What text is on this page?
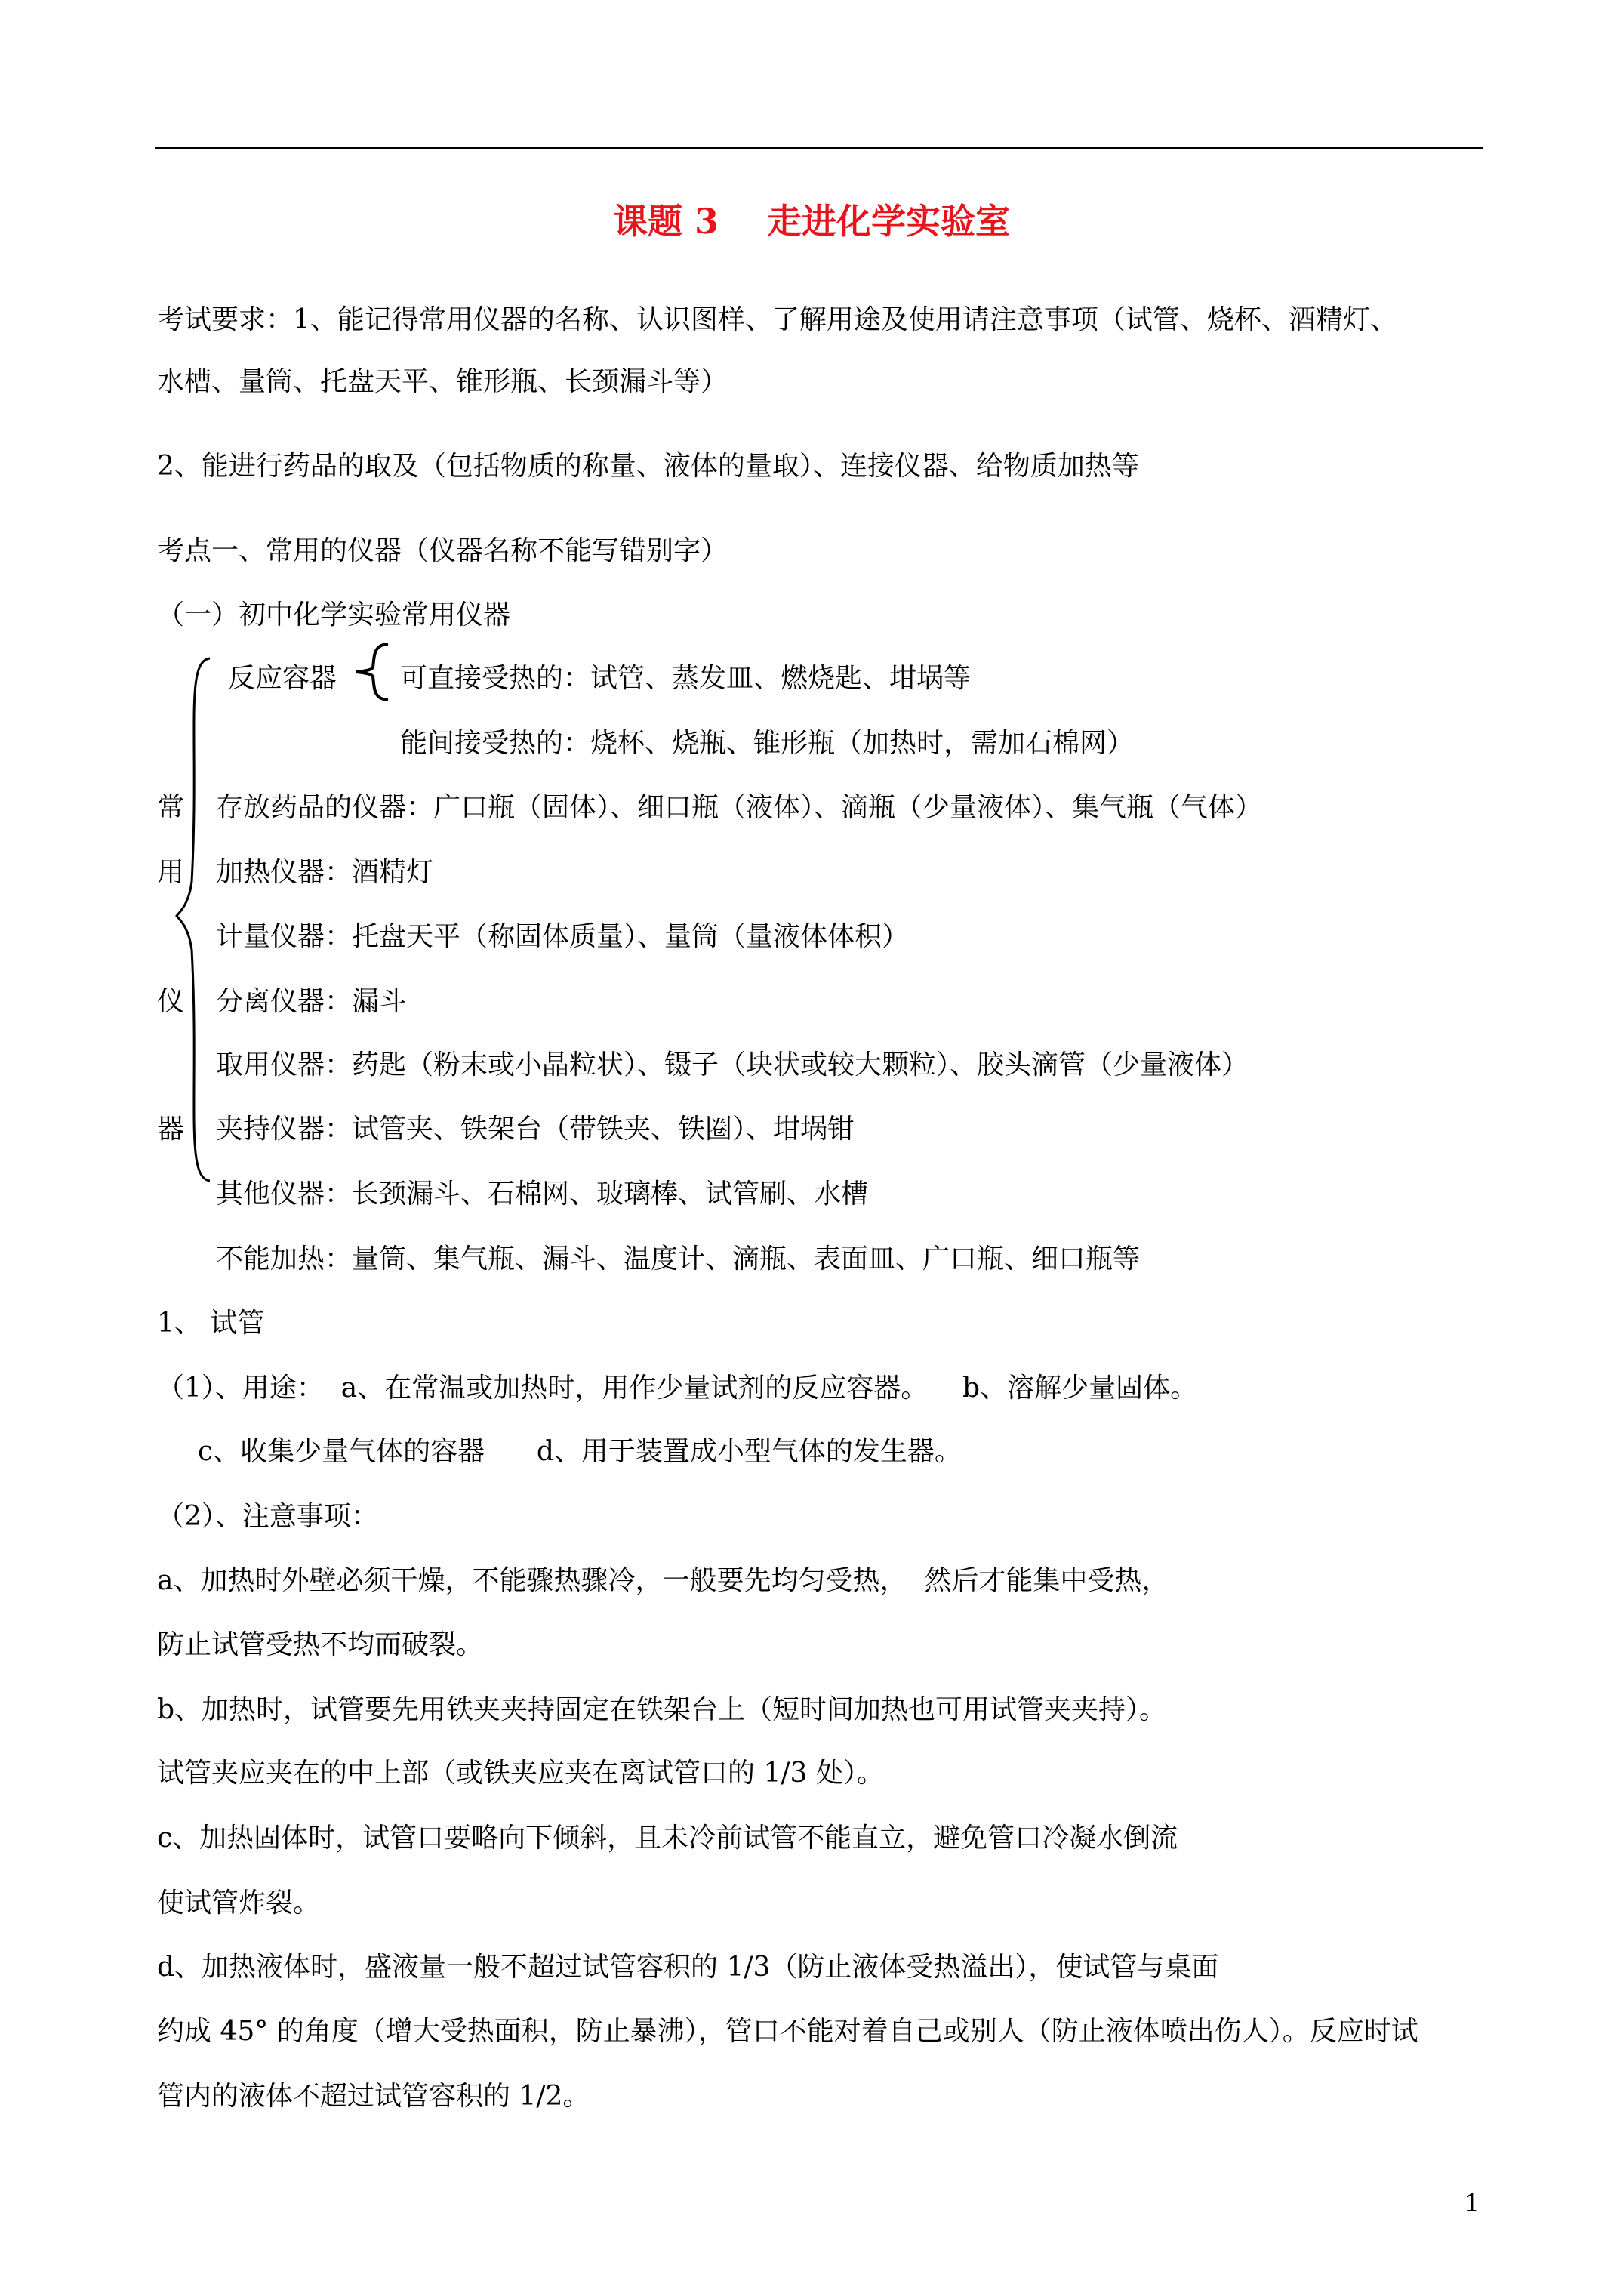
课题 3    走进化学实验室
考试要求：1、能记得常用仪器的名称、认识图样、了解用途及使用请注意事项（试管、烧杯、酒精灯、
水槽、量筒、托盘天平、锥形瓶、长颈漏斗等）
2、能进行药品的取及（包括物质的称量、液体的量取）、连接仪器、给物质加热等
考点一、常用的仪器（仪器名称不能写错别字）
（一）初中化学实验常用仪器
常
用
仪
器
反应容器 可直接受热的：试管、蒸发皿、燃烧匙、坩埚等
能间接受热的：烧杯、烧瓶、锥形瓶（加热时，需加石棉网）
存放药品的仪器：广口瓶（固体）、细口瓶（液体）、滴瓶（少量液体）、集气瓶（气体）
加热仪器：酒精灯
计量仪器：托盘天平（称固体质量）、量筒（量液体体积）
分离仪器：漏斗
取用仪器：药匙（粉末或小晶粒状）、镊子（块状或较大颗粒）、胶头滴管（少量液体）
夹持仪器：试管夹、铁架台（带铁夹、铁圈）、坩埚钳
其他仪器：长颈漏斗、石棉网、玻璃棒、试管刷、水槽
不能加热：量筒、集气瓶、漏斗、温度计、滴瓶、表面皿、广口瓶、细口瓶等
1、 试管
（1）、用途：  a、在常温或加热时，用作少量试剂的反应容器。    b、溶解少量固体。
c、收集少量气体的容器      d、用于装置成小型气体的发生器。
（2）、注意事项：
a、加热时外壁必须干燥，不能骤热骤冷，一般要先均匀受热，  然后才能集中受热，
防止试管受热不均而破裂。
b、加热时，试管要先用铁夹夹持固定在铁架台上（短时间加热也可用试管夹夹持）。
试管夹应夹在的中上部（或铁夹应夹在离试管口的 1/3 处）。
c、加热固体时，试管口要略向下倾斜，且未冷前试管不能直立，避免管口冷凝水倒流
使试管炸裂。
d、加热液体时，盛液量一般不超过试管容积的 1/3（防止液体受热溢出），使试管与桌面
约成 45° 的角度（增大受热面积，防止暴沸），管口不能对着自己或别人（防止液体喷出伤人）。反应时试
管内的液体不超过试管容积的 1/2。
1
